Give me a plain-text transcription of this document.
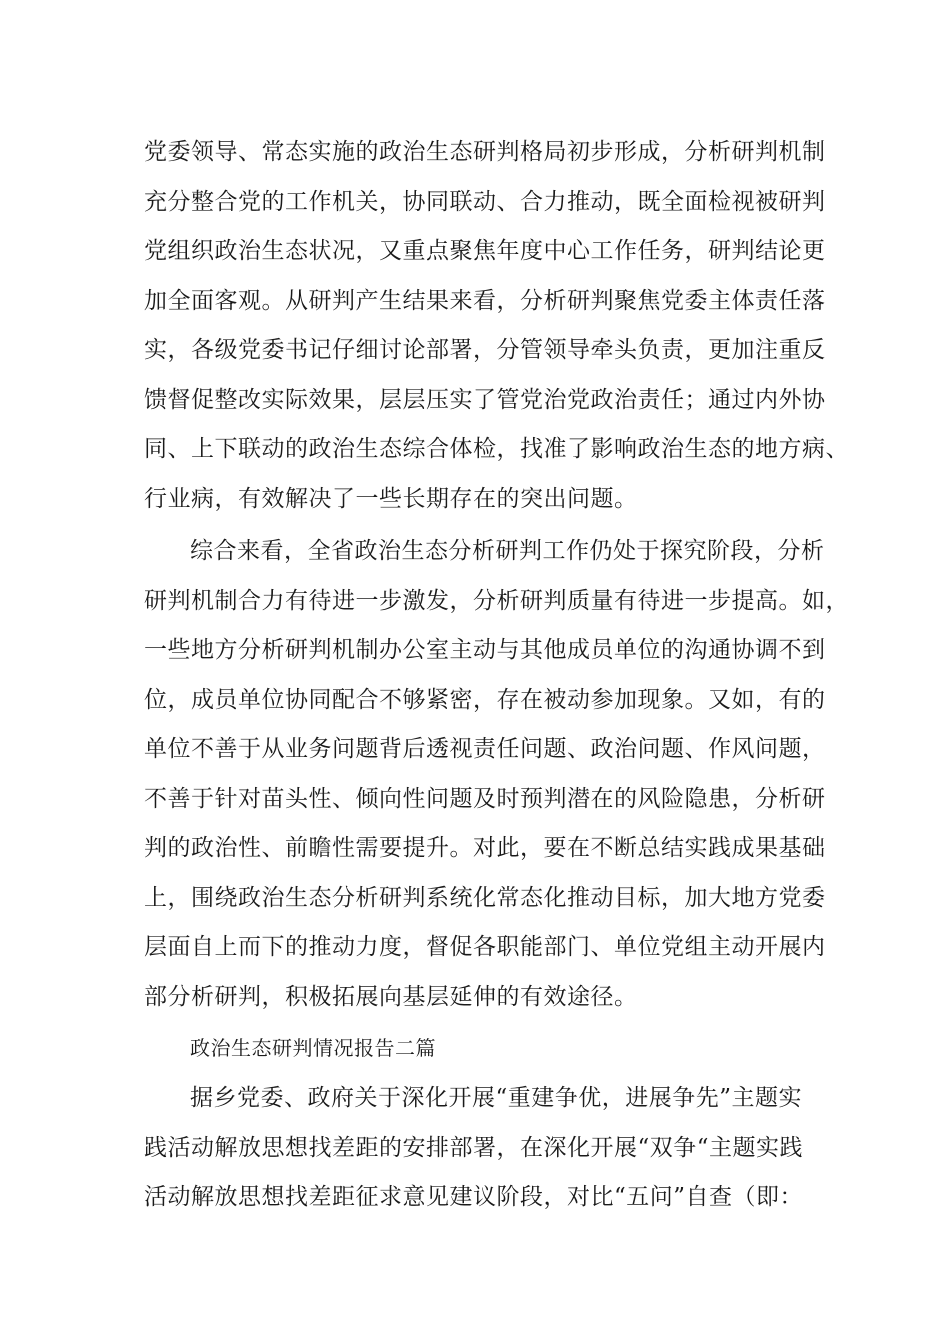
党委领导、常态实施的政治生态研判格局初步形成，分析研判机制
充分整合党的工作机关，协同联动、合力推动，既全面检视被研判
党组织政治生态状况，又重点聚焦年度中心工作任务，研判结论更
加全面客观。从研判产生结果来看，分析研判聚焦党委主体责任落
实，各级党委书记仔细讨论部署，分管领导牵头负责，更加注重反
馈督促整改实际效果，层层压实了管党治党政治责任；通过内外协
同、上下联动的政治生态综合体检，找准了影响政治生态的地方病、
行业病，有效解决了一些长期存在的突出问题。
综合来看，全省政治生态分析研判工作仍处于探究阶段，分析
研判机制合力有待进一步激发，分析研判质量有待进一步提高。如，
一些地方分析研判机制办公室主动与其他成员单位的沟通协调不到
位，成员单位协同配合不够紧密，存在被动参加现象。又如，有的
单位不善于从业务问题背后透视责任问题、政治问题、作风问题，
不善于针对苗头性、倾向性问题及时预判潜在的风险隐患，分析研
判的政治性、前瞻性需要提升。对此，要在不断总结实践成果基础
上，围绕政治生态分析研判系统化常态化推动目标，加大地方党委
层面自上而下的推动力度，督促各职能部门、单位党组主动开展内
部分析研判，积极拓展向基层延伸的有效途径。
政治生态研判情况报告二篇
据乡党委、政府关于深化开展“重建争优，进展争先”主题实
践活动解放思想找差距的安排部署，在深化开展“双争“主题实践
活动解放思想找差距征求意见建议阶段，对比“五问”自查（即：
